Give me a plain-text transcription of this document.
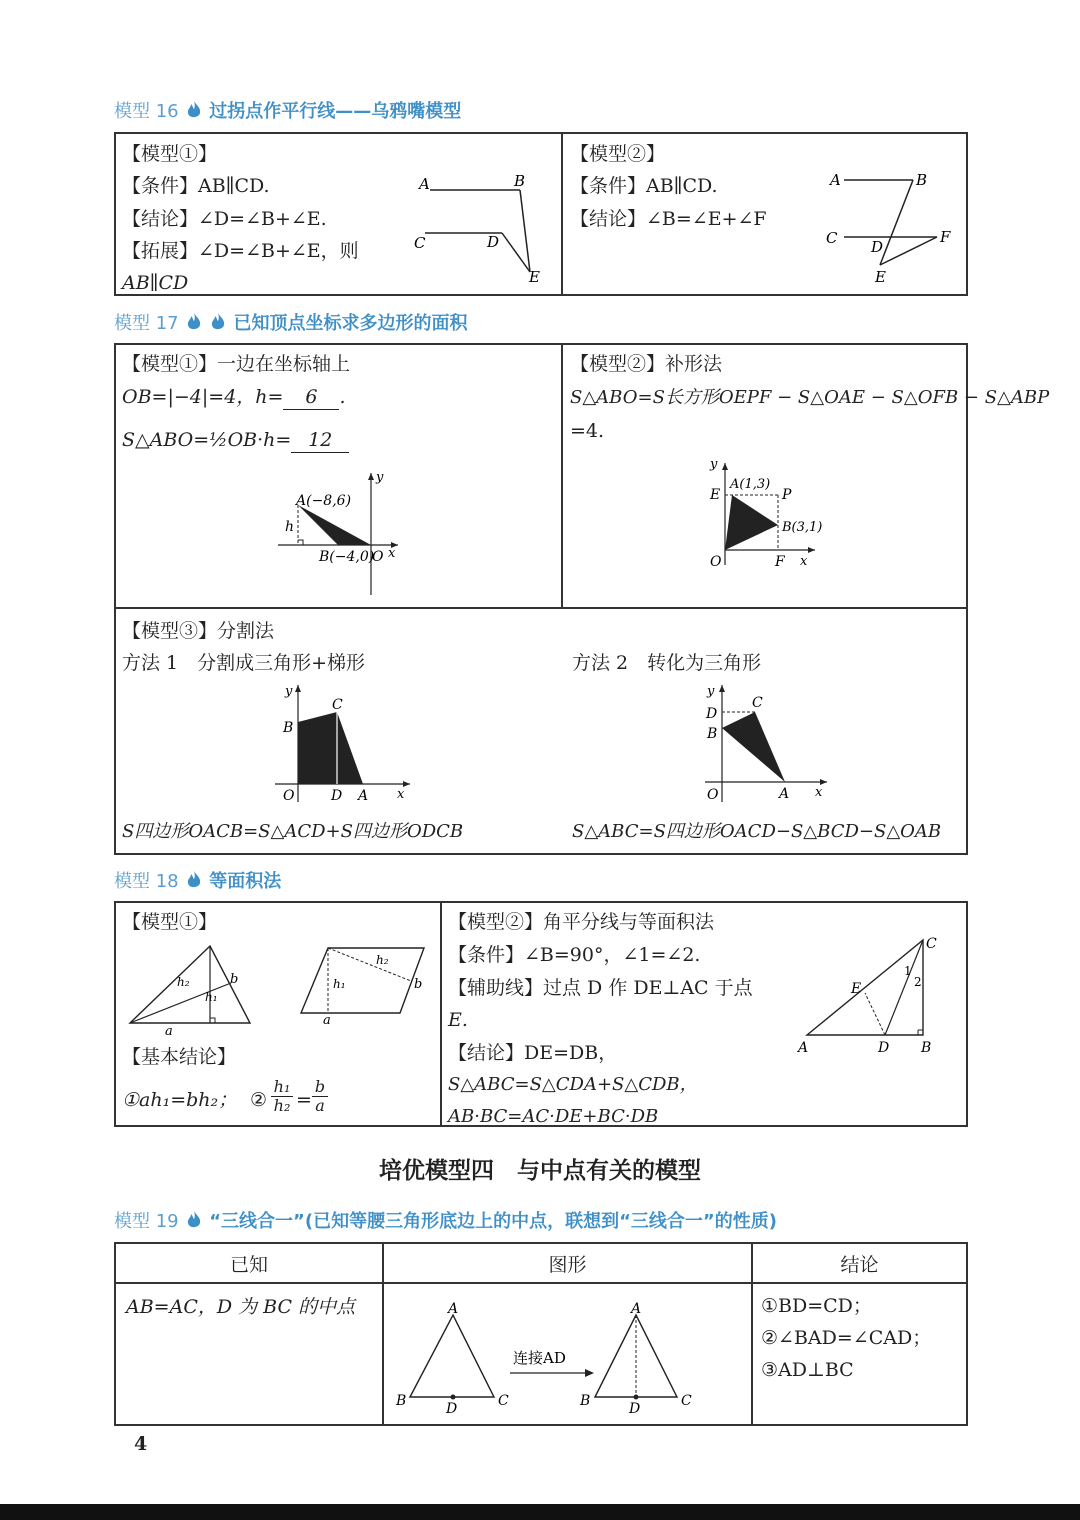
模型 16 过拐点作平行线——乌鸦嘴模型
【模型①】
【条件】AB∥CD.
【结论】∠D=∠B+∠E.
【拓展】∠D=∠B+∠E，则
AB∥CD
A	B
C	D
E
【模型②】
【条件】AB∥CD.
【结论】∠B=∠E+∠F
A	B
C D
E
F
模型 17	已知顶点坐标求多边形的面积
【模型①】一边在坐标轴上
OB=|−4|=4，h= 6 .
S△ABO=½OB·h= 12
A(−8,6)
B(−4,0)
O x
y
h
【模型②】补形法
S△ABO=S长方形OEPF − S△OAE − S△OFB − S△ABP
=4.
A(1,3)
B(3,1)
E	P
F
O	x
y
【模型③】分割法
方法 1　分割成三角形+梯形	方法 2　转化为三角形
B
C
O	D A x
y
D
B
C
O	A x
y
S四边形OACB=S△ACD+S四边形ODCB	S△ABC=S四边形OACD−S△BCD−S△OAB
模型 18 等面积法
【模型①】
a
b
h₁
h₂
a
b
h₁
h₂
【基本结论】
①ah₁=bh₂； ② $\frac{\text{h₁}}{\text{h₂}} = \frac{b}{a}$
【模型②】角平分线与等面积法
【条件】∠B=90°，∠1=∠2.
【辅助线】过点 D 作 DE⊥AC 于点
E.
【结论】DE=DB，
S△ABC=S△CDA+S△CDB，
AB·BC=AC·DE+BC·DB
A	B
C
D
E
1
2
培优模型四　与中点有关的模型
模型 19 “三线合一”(已知等腰三角形底边上的中点，联想到“三线合一”的性质)
已知	图形	结论
AB=AC，D 为 BC 的中点		①BD=CD；
②∠BAD=∠CAD；
③AD⊥BC
A
B	C
D
连接AD
A
B	C
D
4
